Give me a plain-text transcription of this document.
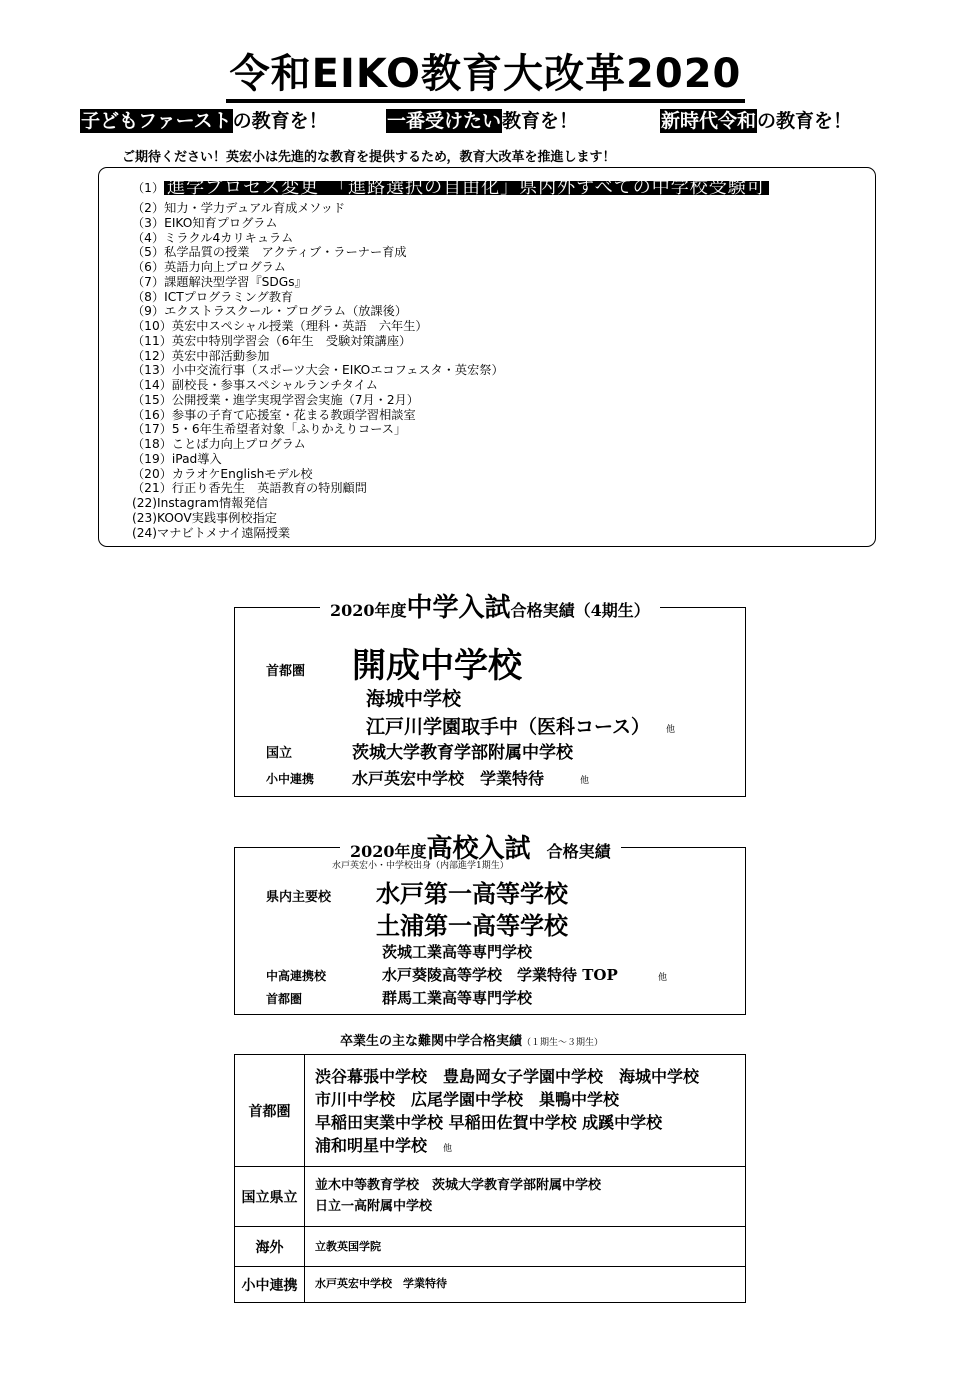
令和EIKO教育大改革2020
子どもファーストの教育を！	一番受けたい教育を！	新時代令和の教育を！
ご期待ください！英宏小は先進的な教育を提供するため，教育大改革を推進します！
（1） 進学プロセス変更　「進路選択の自由化」県内外すべての中学校受験可
（2）知力・学力デュアル育成メソッド
（3）EIKO知育プログラム
（4）ミラクル4カリキュラム
（5）私学品質の授業　アクティブ・ラーナー育成
（6）英語力向上プログラム
（7）課題解決型学習『SDGs』
（8）ICTプログラミング教育
（9）エクストラスクール・プログラム（放課後）
（10）英宏中スペシャル授業（理科・英語　六年生）
（11）英宏中特別学習会（6年生　受験対策講座）
（12）英宏中部活動参加
（13）小中交流行事（スポーツ大会・EIKOエコフェスタ・英宏祭）
（14）副校長・参事スペシャルランチタイム
（15）公開授業・進学実現学習会実施（7月・2月）
（16）参事の子育て応援室・花まる教頭学習相談室
（17）5・6年生希望者対象「ふりかえりコース」
（18）ことば力向上プログラム
（19）iPad導入
（20）カラオケEnglishモデル校
（21）行正り香先生　英語教育の特別顧問
(22)Instagram情報発信
(23)KOOV実践事例校指定
(24)マナビトメナイ遠隔授業
2020年度中学入試合格実績（4期生）
首都圏 開成中学校
海城中学校
江戸川学園取手中（医科コース） 他
国立	茨城大学教育学部附属中学校
小中連携 水戸英宏中学校　学業特待	他
2020年度高校入試　 合格実績
水戸英宏小・中学校出身（内部進学1期生）
県内主要校 水戸第一高等学校
土浦第一高等学校
茨城工業高等専門学校
中高連携校	水戸葵陵高等学校　学業特待 TOP	他
首都圏	群馬工業高等専門学校
卒業生の主な難関中学合格実績（１期生～３期生）
首都圏
渋谷幕張中学校　豊島岡女子学園中学校　海城中学校
市川中学校　広尾学園中学校　巣鴨中学校
早稲田実業中学校 早稲田佐賀中学校 成蹊中学校
浦和明星中学校　 他
国立県立
並木中等教育学校　茨城大学教育学部附属中学校
日立一高附属中学校
海外	立教英国学院
小中連携	水戸英宏中学校　学業特待
